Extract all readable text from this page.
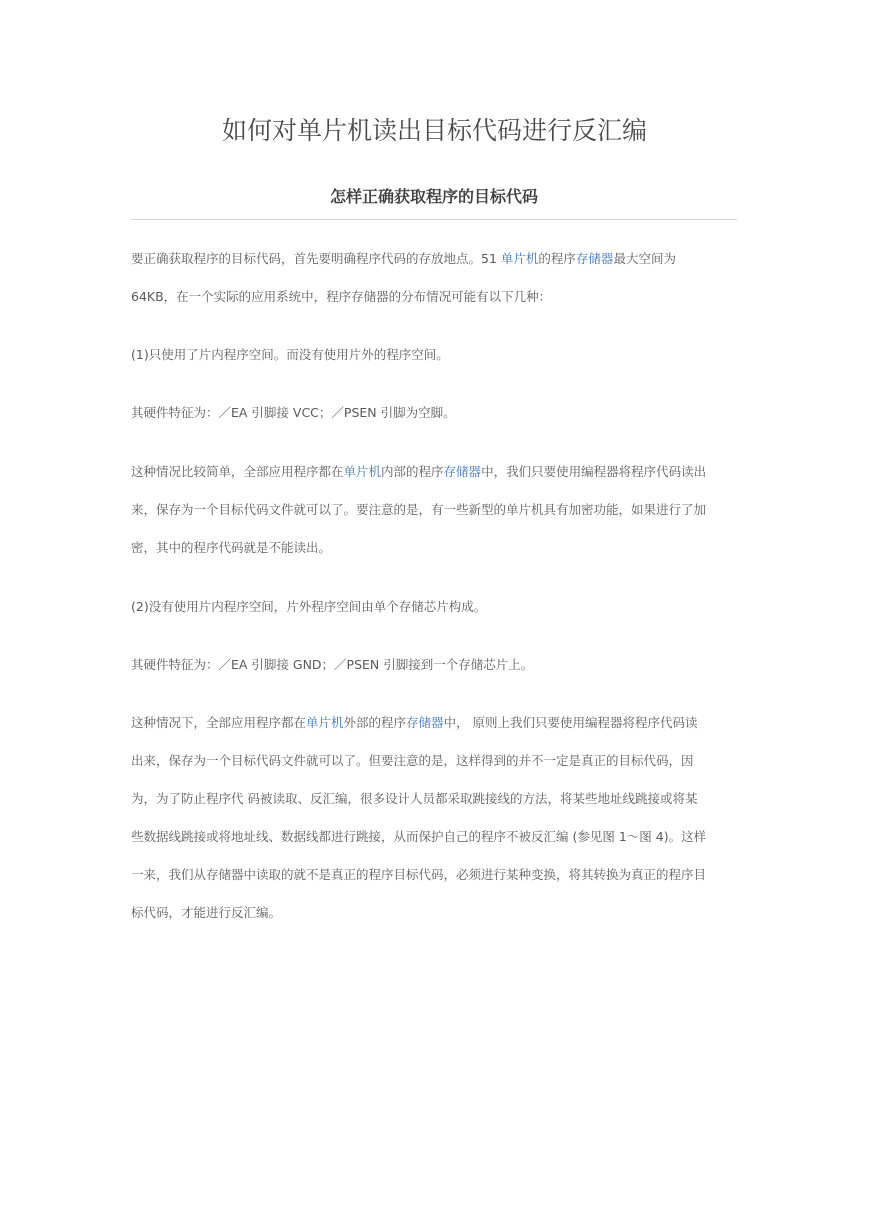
如何对单片机读出目标代码进行反汇编
怎样正确获取程序的目标代码

要正确获取程序的目标代码，首先要明确程序代码的存放地点。51 单片机的程序存储器最大空间为
64KB，在一个实际的应用系统中，程序存储器的分布情况可能有以下几种：

(1)只使用了片内程序空间。而没有使用片外的程序空间。

其硬件特征为：／EA 引脚接 VCC；／PSEN 引脚为空脚。

这种情况比较简单，全部应用程序都在单片机内部的程序存储器中，我们只要使用编程器将程序代码读出
来，保存为一个目标代码文件就可以了。要注意的是，有一些新型的单片机具有加密功能，如果进行了加
密，其中的程序代码就是不能读出。

(2)没有使用片内程序空间，片外程序空间由单个存储芯片构成。

其硬件特征为：／EA 引脚接 GND；／PSEN 引脚接到一个存储芯片上。

这种情况下，全部应用程序都在单片机外部的程序存储器中， 原则上我们只要使用编程器将程序代码读
出来，保存为一个目标代码文件就可以了。但要注意的是，这样得到的并不一定是真正的目标代码，因
为，为了防止程序代 码被读取、反汇编，很多设计人员都采取跳接线的方法，将某些地址线跳接或将某
些数据线跳接或将地址线、数据线都进行跳接，从而保护自己的程序不被反汇编 (参见图 1～图 4)。这样
一来，我们从存储器中读取的就不是真正的程序目标代码，必须进行某种变换，将其转换为真正的程序目
标代码，才能进行反汇编。
